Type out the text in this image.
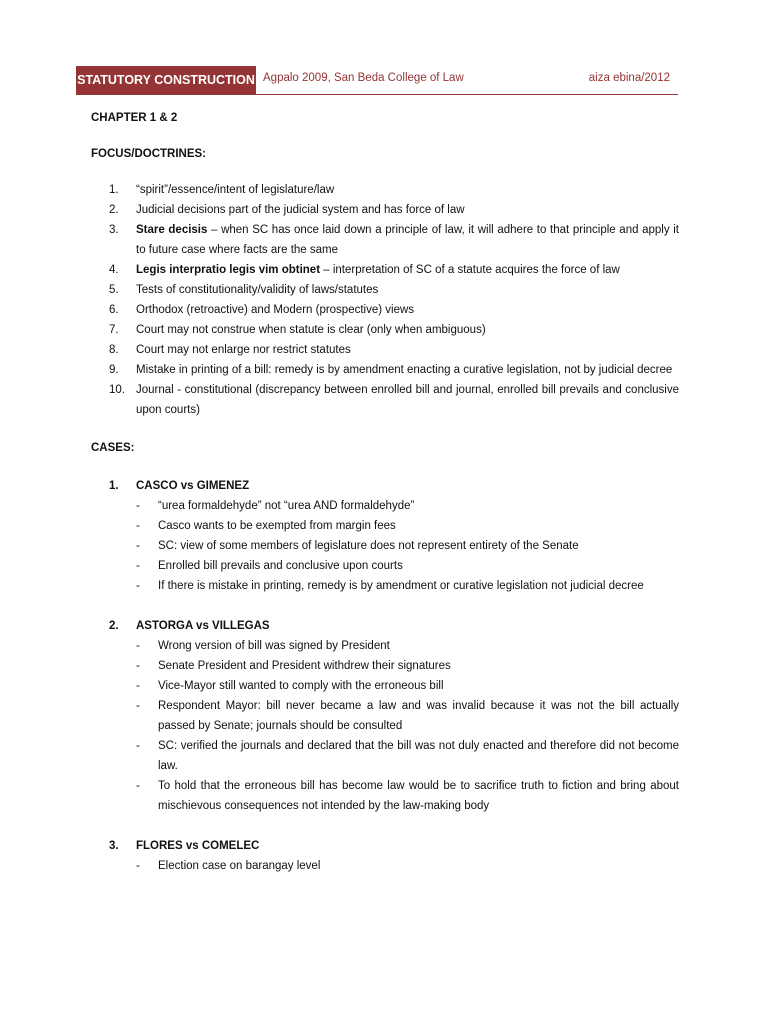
STATUTORY CONSTRUCTION Agpalo 2009, San Beda College of Law	aiza ebina/2012
CHAPTER 1 & 2
FOCUS/DOCTRINES:
1.	“spirit”/essence/intent of legislature/law
2.	Judicial decisions part of the judicial system and has force of law
3.	Stare decisis – when SC has once laid down a principle of law, it will adhere to that principle and apply it to future case where facts are the same
4.	Legis interpratio legis vim obtinet – interpretation of SC of a statute acquires the force of law
5.	Tests of constitutionality/validity of laws/statutes
6.	Orthodox (retroactive) and Modern (prospective) views
7.	Court may not construe when statute is clear (only when ambiguous)
8.	Court may not enlarge nor restrict statutes
9.	Mistake in printing of a bill: remedy is by amendment enacting a curative legislation, not by judicial decree
10. Journal - constitutional (discrepancy between enrolled bill and journal, enrolled bill prevails and conclusive upon courts)
CASES:
1.	CASCO vs GIMENEZ
- “urea formaldehyde” not “urea AND formaldehyde”
- Casco wants to be exempted from margin fees
- SC: view of some members of legislature does not represent entirety of the Senate
- Enrolled bill prevails and conclusive upon courts
- If there is mistake in printing, remedy is by amendment or curative legislation not judicial decree
2.	ASTORGA vs VILLEGAS
- Wrong version of bill was signed by President
- Senate President and President withdrew their signatures
- Vice-Mayor still wanted to comply with the erroneous bill
- Respondent Mayor: bill never became a law and was invalid because it was not the bill actually passed by Senate; journals should be consulted
- SC: verified the journals and declared that the bill was not duly enacted and therefore did not become law.
- To hold that the erroneous bill has become law would be to sacrifice truth to fiction and bring about mischievous consequences not intended by the law-making body
3.	FLORES vs COMELEC
- Election case on barangay level
